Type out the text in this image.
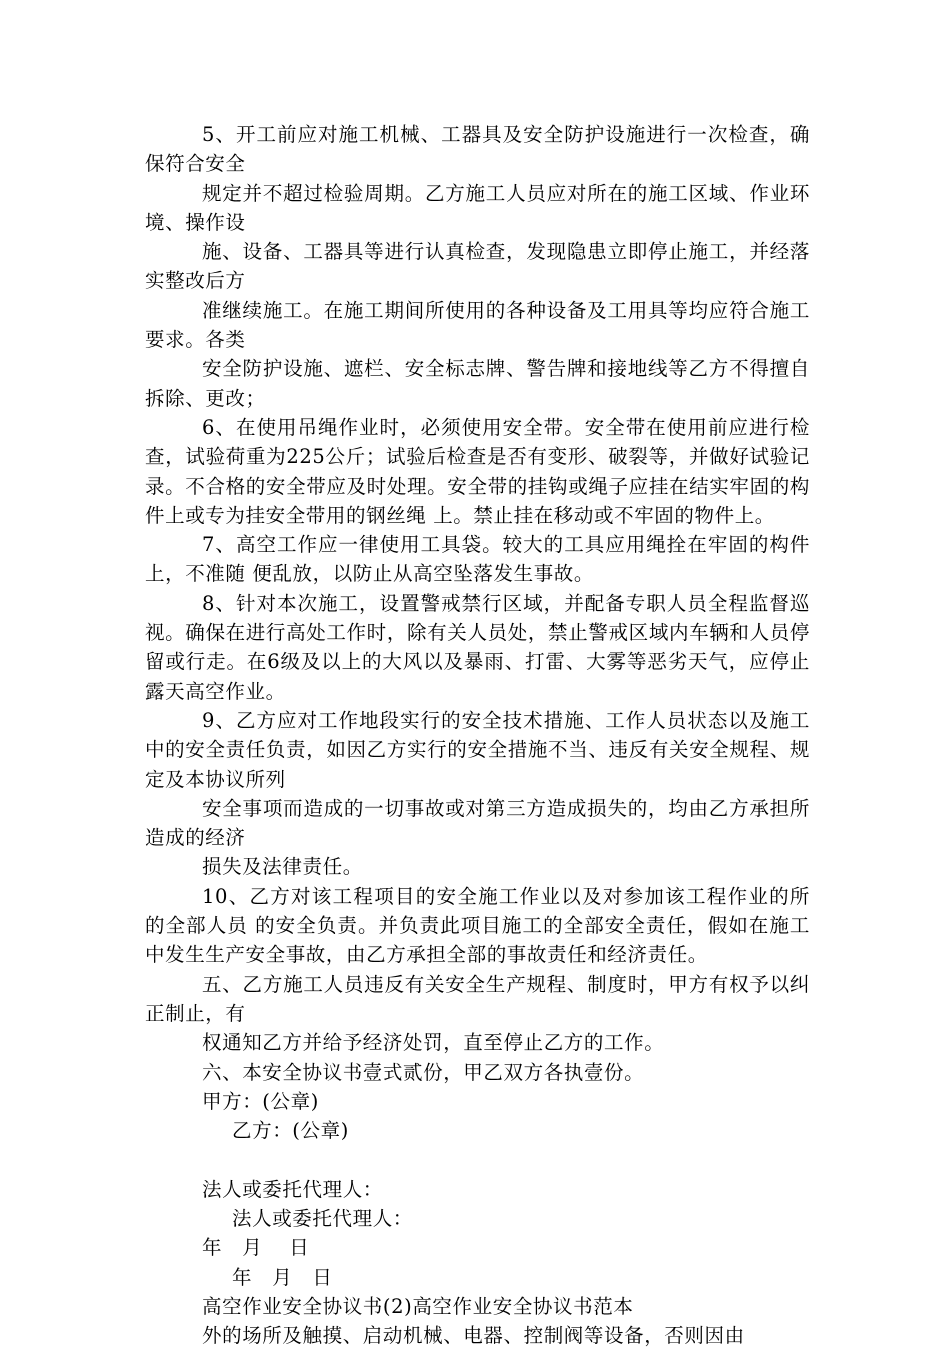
5、开工前应对施工机械、工器具及安全防护设施进行一次检查，确保符合安全
规定并不超过检验周期。乙方施工人员应对所在的施工区域、作业环境、操作设
施、设备、工器具等进行认真检查，发现隐患立即停止施工，并经落实整改后方
准继续施工。在施工期间所使用的各种设备及工用具等均应符合施工要求。各类
安全防护设施、遮栏、安全标志牌、警告牌和接地线等乙方不得擅自拆除、更改；
6、在使用吊绳作业时，必须使用安全带。安全带在使用前应进行检查，试验荷重为225公斤；试验后检查是否有变形、破裂等，并做好试验记录。不合格的安全带应及时处理。安全带的挂钩或绳子应挂在结实牢固的构件上或专为挂安全带用的钢丝绳 上。禁止挂在移动或不牢固的物件上。
7、高空工作应一律使用工具袋。较大的工具应用绳拴在牢固的构件上，不准随 便乱放，以防止从高空坠落发生事故。
8、针对本次施工，设置警戒禁行区域，并配备专职人员全程监督巡视。确保在进行高处工作时，除有关人员处，禁止警戒区域内车辆和人员停留或行走。在6级及以上的大风以及暴雨、打雷、大雾等恶劣天气，应停止露天高空作业。
9、乙方应对工作地段实行的安全技术措施、工作人员状态以及施工中的安全责任负责，如因乙方实行的安全措施不当、违反有关安全规程、规定及本协议所列
安全事项而造成的一切事故或对第三方造成损失的，均由乙方承担所造成的经济
损失及法律责任。
10、乙方对该工程项目的安全施工作业以及对参加该工程作业的所的全部人员 的安全负责。并负责此项目施工的全部安全责任，假如在施工中发生生产安全事故，由乙方承担全部的事故责任和经济责任。
五、乙方施工人员违反有关安全生产规程、制度时，甲方有权予以纠正制止，有
权通知乙方并给予经济处罚，直至停止乙方的工作。
六、本安全协议书壹式贰份，甲乙双方各执壹份。
甲方：(公章)
乙方：(公章)
法人或委托代理人：
法人或委托代理人：
年　月　 日
年　月　日
高空作业安全协议书(2)高空作业安全协议书范本
外的场所及触摸、启动机械、电器、控制阀等设备，否则因由
